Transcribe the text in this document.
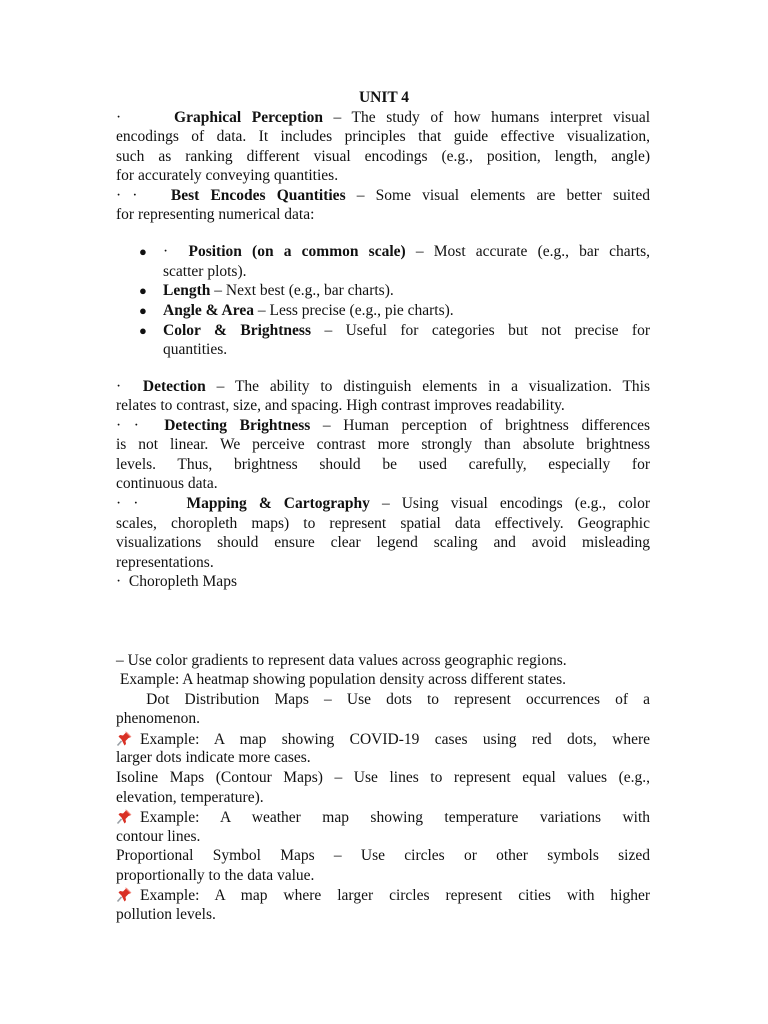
UNIT 4
·	Graphical Perception – The study of how humans interpret visual
encodings of data. It includes principles that guide effective visualization,
such as ranking different visual encodings (e.g., position, length, angle)
for accurately conveying quantities.
· · Best Encodes Quantities – Some visual elements are better suited
for representing numerical data:
● · Position (on a common scale) – Most accurate (e.g., bar charts,
scatter plots).
● Length – Next best (e.g., bar charts).
● Angle & Area – Less precise (e.g., pie charts).
● Color & Brightness – Useful for categories but not precise for
quantities.
· Detection – The ability to distinguish elements in a visualization. This
relates to contrast, size, and spacing. High contrast improves readability.
· · Detecting Brightness – Human perception of brightness differences
is not linear. We perceive contrast more strongly than absolute brightness
levels. Thus, brightness should be used carefully, especially for
continuous data.
· ·	Mapping & Cartography – Using visual encodings (e.g., color
scales, choropleth maps) to represent spatial data effectively. Geographic
visualizations should ensure clear legend scaling and avoid misleading
representations.
·  Choropleth Maps
– Use color gradients to represent data values across geographic regions.
Example: A heatmap showing population density across different states.
Dot Distribution Maps – Use dots to represent occurrences of a
phenomenon.
Example: A map showing COVID-19 cases using red dots, where
larger dots indicate more cases.
Isoline Maps (Contour Maps) – Use lines to represent equal values (e.g.,
elevation, temperature).
Example: A weather map showing temperature variations with
contour lines.
Proportional Symbol Maps – Use circles or other symbols sized
proportionally to the data value.
Example: A map where larger circles represent cities with higher
pollution levels.
